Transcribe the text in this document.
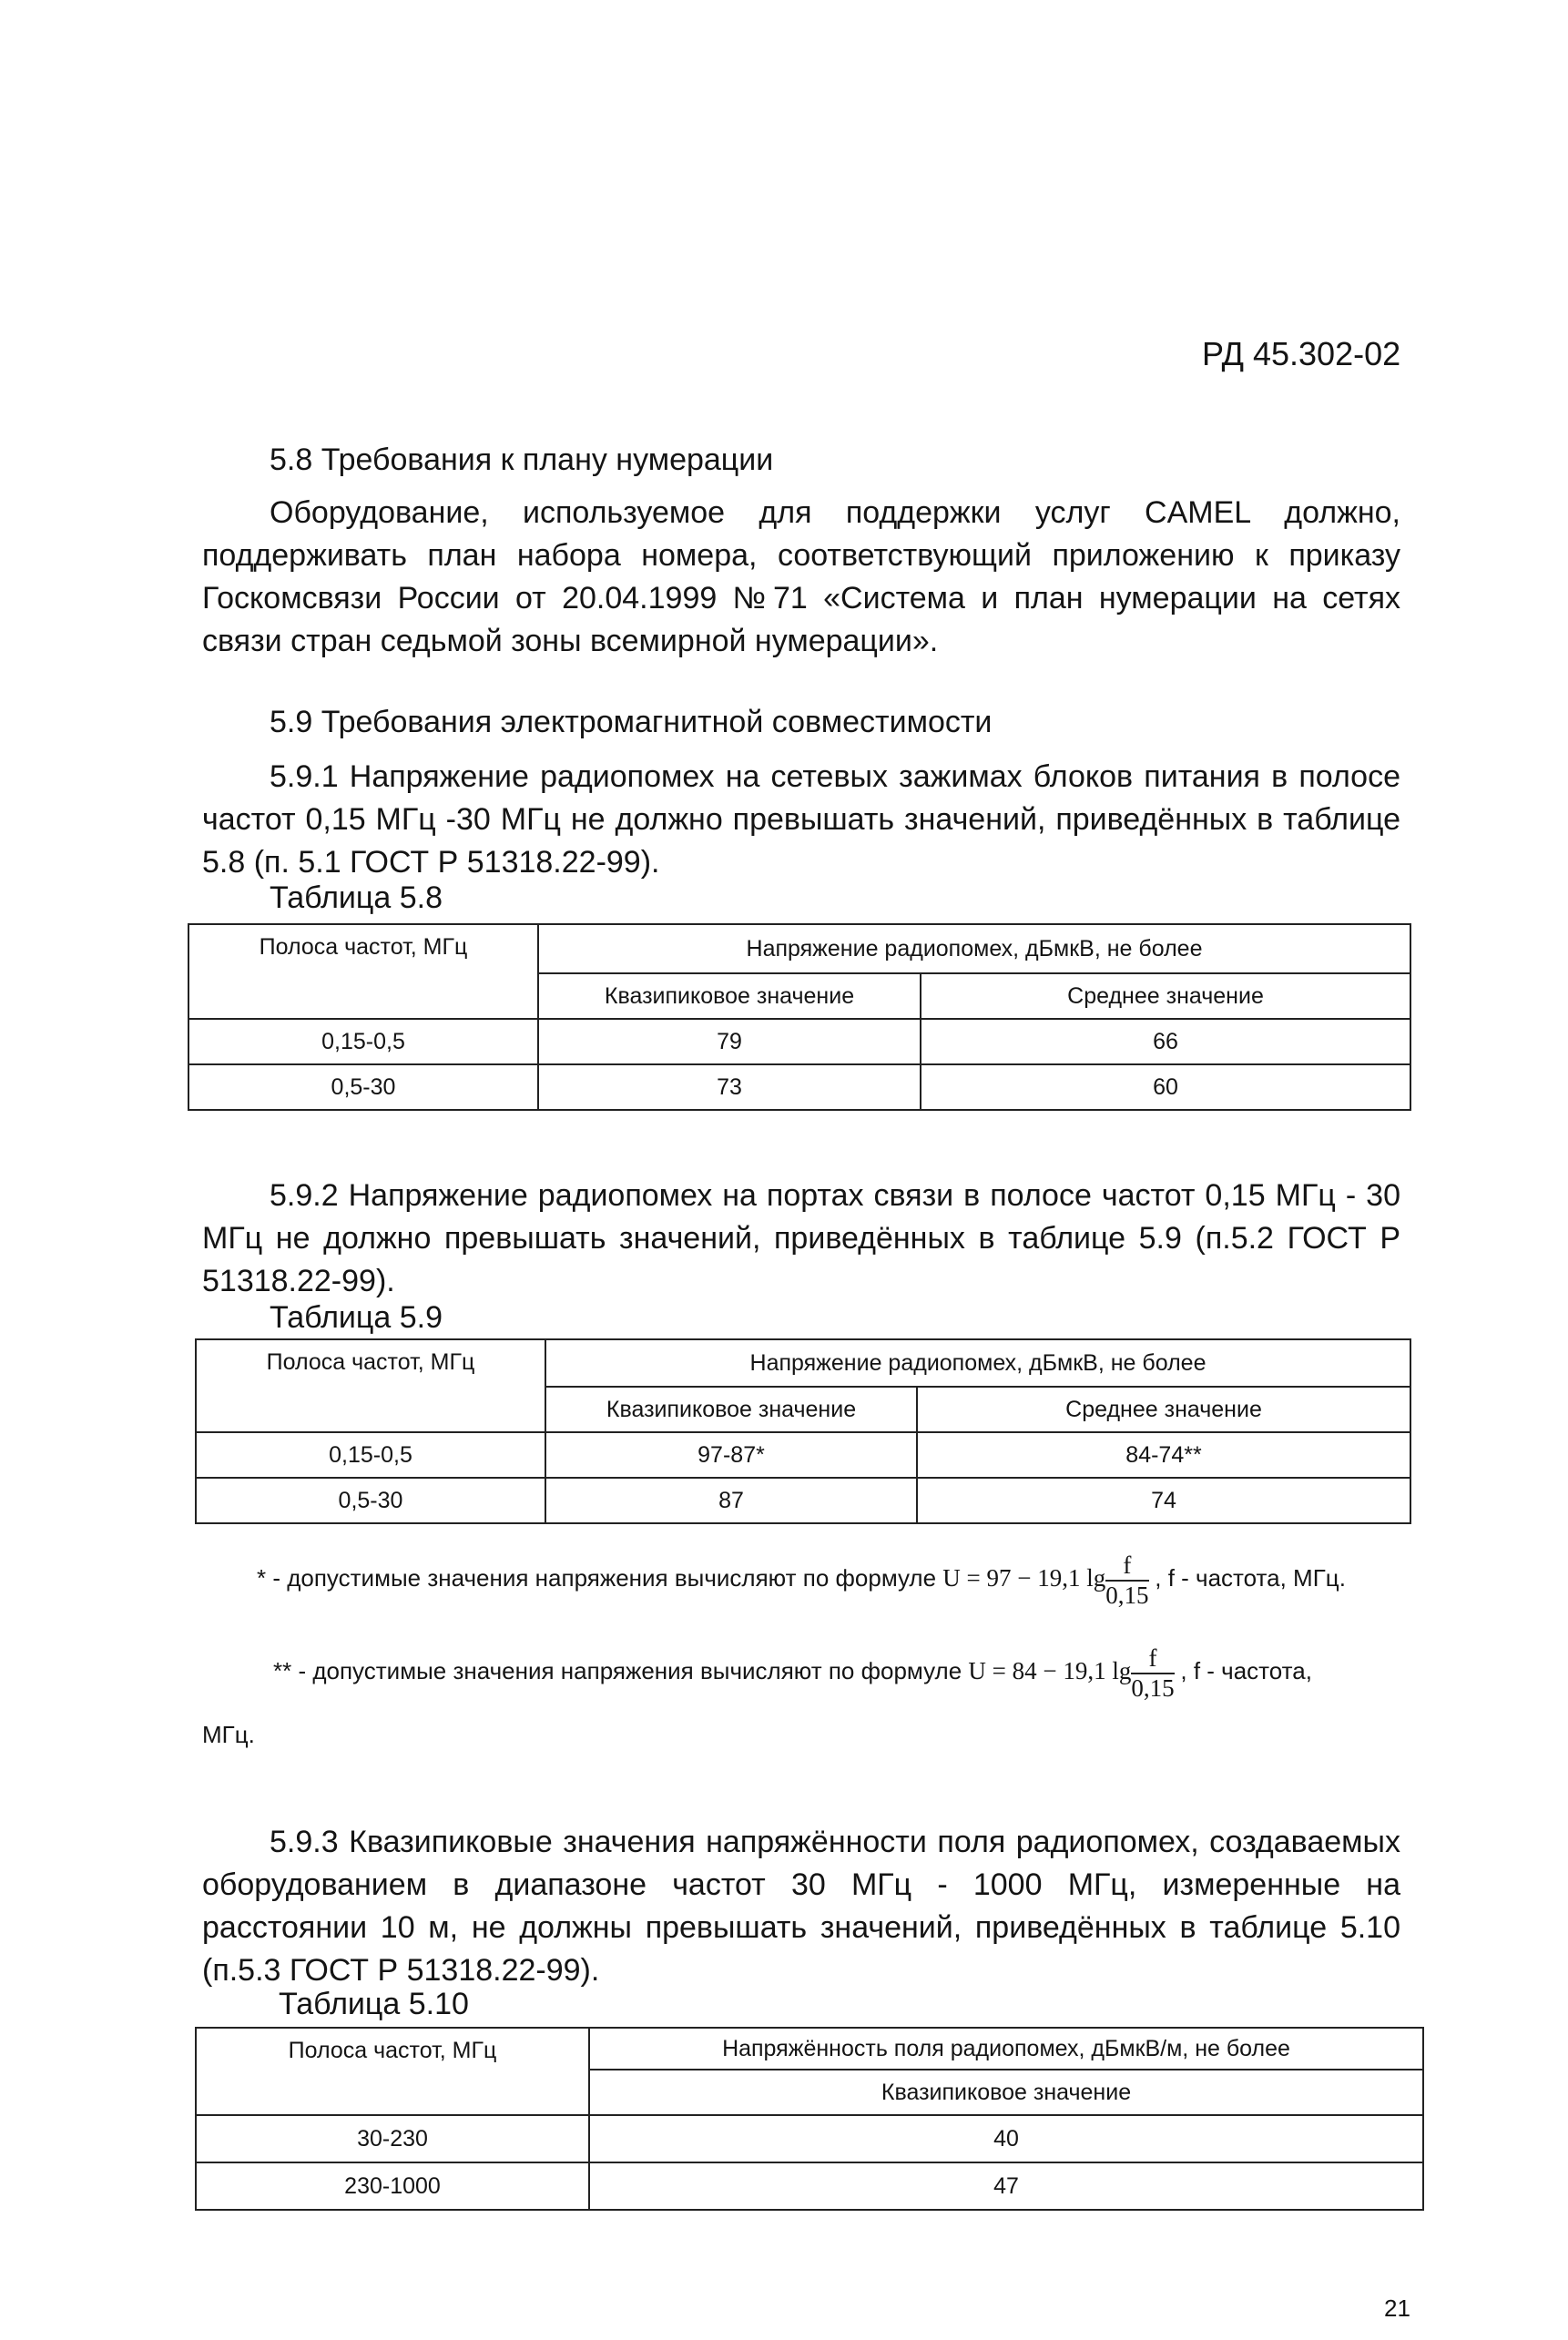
РД 45.302-02
5.8 Требования к плану нумерации
Оборудование, используемое для поддержки услуг CAMEL должно, поддерживать план набора номера, соответствующий приложению к приказу Госкомсвязи России от 20.04.1999 №71 «Система и план нумерации на сетях связи стран седьмой зоны всемирной нумерации».
5.9 Требования электромагнитной совместимости
5.9.1 Напряжение радиопомех на сетевых зажимах блоков питания в полосе частот 0,15 МГц -30 МГц не должно превышать значений, приведённых в таблице 5.8 (п. 5.1 ГОСТ Р 51318.22-99).
Таблица 5.8
Полоса частот, МГц	Напряжение радиопомех, дБмкВ, не более	
	Квазипиковое значение	Среднее значение
0,15-0,5	79	66
0,5-30	73	60
5.9.2 Напряжение радиопомех на портах связи в полосе частот 0,15 МГц - 30 МГц не должно превышать значений, приведённых в таблице 5.9 (п.5.2 ГОСТ Р 51318.22-99).
Таблица 5.9
Полоса частот, МГц	Напряжение радиопомех, дБмкВ, не более	
	Квазипиковое значение	Среднее значение
0,15-0,5	97-87*	84-74**
0,5-30	87	74
* - допустимые значения напряжения вычисляют по формуле U = 97 − 19,1 $\lg \frac{f}{0,15}$ , f - частота, МГц.
** - допустимые значения напряжения вычисляют по формуле U = 84 − 19,1 $\lg \frac{f}{0,15}$ , f - частота,
МГц.
5.9.3 Квазипиковые значения напряжённости поля радиопомех, создаваемых оборудованием в диапазоне частот 30 МГц - 1000 МГц, измеренные на расстоянии 10 м, не должны превышать значений, приведённых в таблице 5.10 (п.5.3 ГОСТ Р 51318.22-99).
Таблица 5.10
Полоса частот, МГц	Напряжённость поля радиопомех, дБмкВ/м, не более
	Квазипиковое значение
30-230	40
230-1000	47
21
